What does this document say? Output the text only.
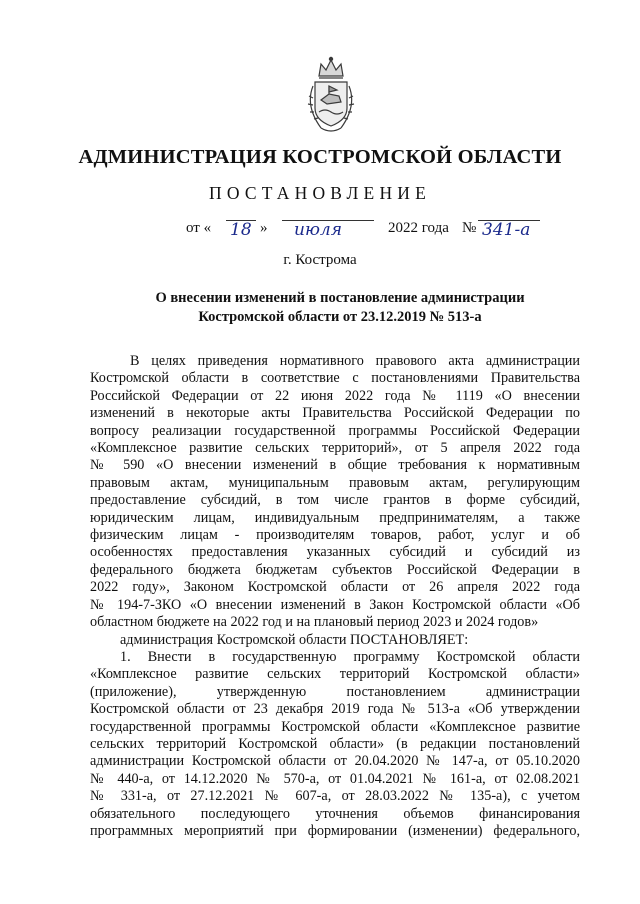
АДМИНИСТРАЦИЯ КОСТРОМСКОЙ ОБЛАСТИ
ПОСТАНОВЛЕНИЕ
от « 18 » июля	2022 года № 341-а
г. Кострома
О внесении изменений в постановление администрации
Костромской области от 23.12.2019 № 513-а
В целях приведения нормативного правового акта администрации
Костромской области в соответствие с постановлениями Правительства
Российской Федерации от 22 июня 2022 года № 1119 «О внесении
изменений в некоторые акты Правительства Российской Федерации по
вопросу реализации государственной программы Российской Федерации
«Комплексное развитие сельских территорий», от 5 апреля 2022 года
№ 590 «О внесении изменений в общие требования к нормативным
правовым актам, муниципальным правовым актам, регулирующим
предоставление субсидий, в том числе грантов в форме субсидий,
юридическим лицам, индивидуальным предпринимателям, а также
физическим лицам - производителям товаров, работ, услуг и об
особенностях предоставления указанных субсидий и субсидий из
федерального бюджета бюджетам субъектов Российской Федерации в
2022 году», Законом Костромской области от 26 апреля 2022 года
№ 194-7-ЗКО «О внесении изменений в Закон Костромской области «Об
областном бюджете на 2022 год и на плановый период 2023 и 2024 годов»
администрация Костромской области ПОСТАНОВЛЯЕТ:
1. Внести в государственную программу Костромской области
«Комплексное развитие сельских территорий Костромской области»
(приложение), утвержденную постановлением администрации
Костромской области от 23 декабря 2019 года № 513-а «Об утверждении
государственной программы Костромской области «Комплексное развитие
сельских территорий Костромской области» (в редакции постановлений
администрации Костромской области от 20.04.2020 № 147-а, от 05.10.2020
№ 440-а, от 14.12.2020 № 570-а, от 01.04.2021 № 161-а, от 02.08.2021
№ 331-а, от 27.12.2021 № 607-а, от 28.03.2022 № 135-а), с учетом
обязательного последующего уточнения объемов финансирования
программных мероприятий при формировании (изменении) федерального,
